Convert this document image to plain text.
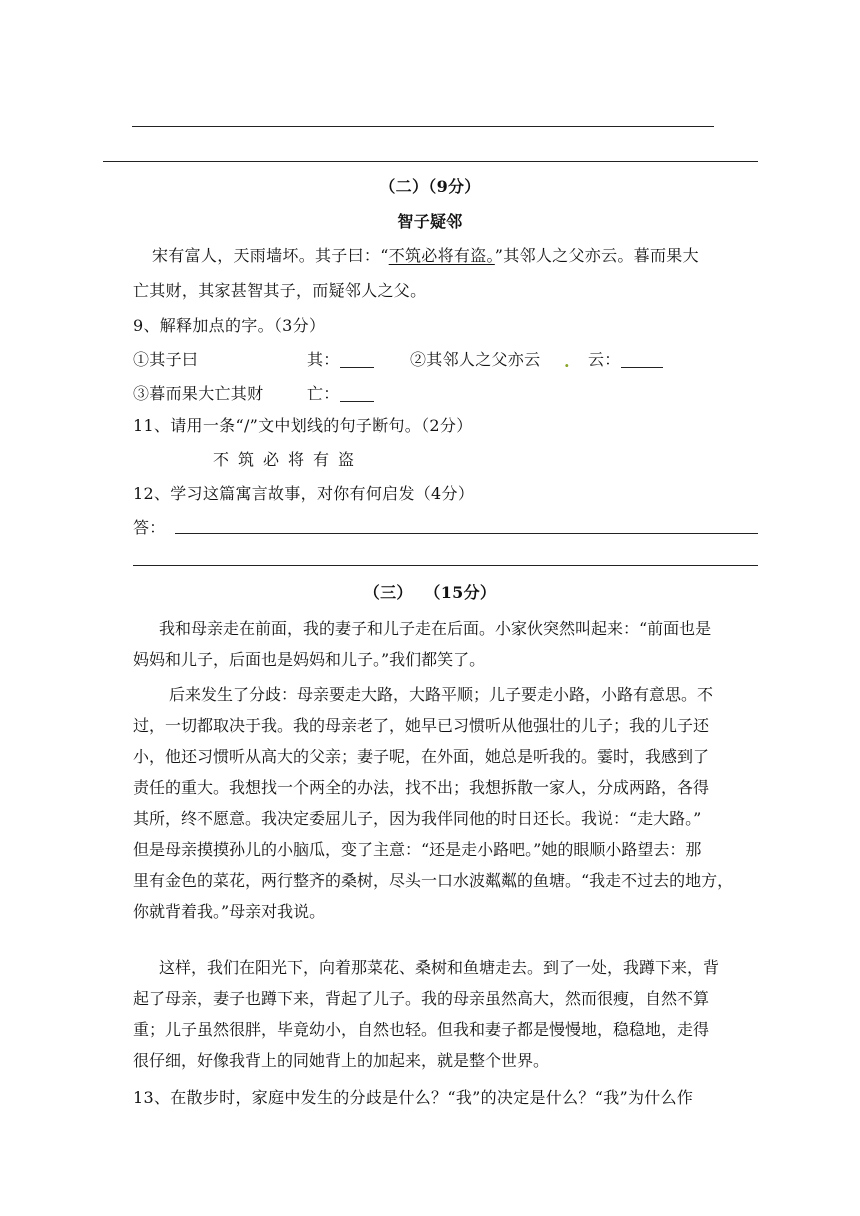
（二）（9分）
智子疑邻
宋有富人，天雨墙坏。其子曰：“不筑必将有盗。”其邻人之父亦云。暮而果大
亡其财，其家甚智其子，而疑邻人之父。
9、解释加点的字。（3分）
①其子曰	其：	②其邻人之父亦云 . 云：
③暮而果大亡其财	亡：
11、请用一条“/”文中划线的句子断句。（2分）
不筑必将有盗
12、学习这篇寓言故事，对你有何启发（4分）
答：
（三）  （15分）
我和母亲走在前面，我的妻子和儿子走在后面。小家伙突然叫起来：“前面也是
妈妈和儿子，后面也是妈妈和儿子。”我们都笑了。
后来发生了分歧：母亲要走大路，大路平顺；儿子要走小路，小路有意思。不
过，一切都取决于我。我的母亲老了，她早已习惯听从他强壮的儿子；我的儿子还
小，他还习惯听从高大的父亲；妻子呢，在外面，她总是听我的。霎时，我感到了
责任的重大。我想找一个两全的办法，找不出；我想拆散一家人，分成两路，各得
其所，终不愿意。我决定委屈儿子，因为我伴同他的时日还长。我说：“走大路。”
但是母亲摸摸孙儿的小脑瓜，变了主意：“还是走小路吧。”她的眼顺小路望去：那
里有金色的菜花，两行整齐的桑树，尽头一口水波粼粼的鱼塘。“我走不过去的地方，
你就背着我。”母亲对我说。
这样，我们在阳光下，向着那菜花、桑树和鱼塘走去。到了一处，我蹲下来，背
起了母亲，妻子也蹲下来，背起了儿子。我的母亲虽然高大，然而很瘦，自然不算
重；儿子虽然很胖，毕竟幼小，自然也轻。但我和妻子都是慢慢地，稳稳地，走得
很仔细，好像我背上的同她背上的加起来，就是整个世界。
13、在散步时，家庭中发生的分歧是什么？“我”的决定是什么？“我”为什么作
